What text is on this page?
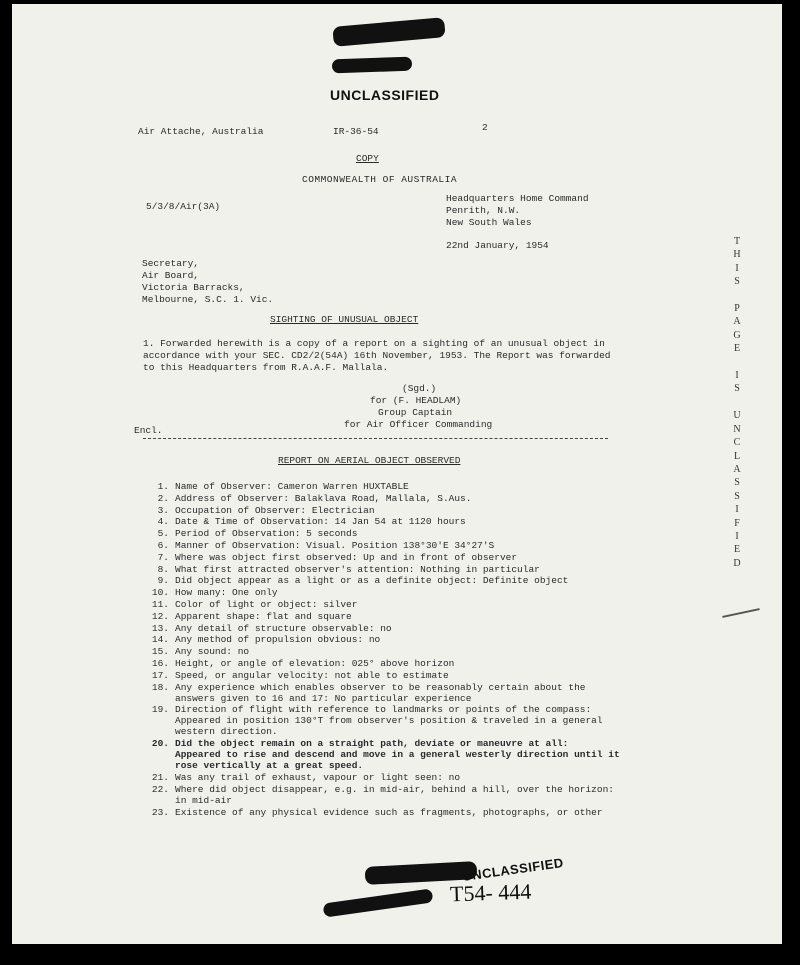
UNCLASSIFIED
Air Attache, Australia	IR-36-54	2
COPY
COMMONWEALTH OF AUSTRALIA
5/3/8/Air(3A)
Headquarters Home Command
Penrith, N.W.
New South Wales
22nd January, 1954
Secretary,
Air Board,
Victoria Barracks,
Melbourne, S.C. 1. Vic.
SIGHTING OF UNUSUAL OBJECT
1. Forwarded herewith is a copy of a report on a sighting of an unusual object in
accordance with your SEC. CD2/2(54A) 16th November, 1953. The Report was forwarded
to this Headquarters from R.A.A.F. Mallala.
(Sgd.)
for (F. HEADLAM)
Group Captain
for Air Officer Commanding
Encl.
REPORT ON AERIAL OBJECT OBSERVED
1. Name of Observer: Cameron Warren HUXTABLE
2. Address of Observer: Balaklava Road, Mallala, S.Aus.
3. Occupation of Observer: Electrician
4. Date & Time of Observation: 14 Jan 54 at 1120 hours
5. Period of Observation: 5 seconds
6. Manner of Observation: Visual. Position 138°30'E 34°27'S
7. Where was object first observed: Up and in front of observer
8. What first attracted observer's attention: Nothing in particular
9. Did object appear as a light or as a definite object: Definite object
10. How many: One only
11. Color of light or object: silver
12. Apparent shape: flat and square
13. Any detail of structure observable: no
14. Any method of propulsion obvious: no
15. Any sound: no
16. Height, or angle of elevation: 025° above horizon
17. Speed, or angular velocity: not able to estimate
18. Any experience which enables observer to be reasonably certain about the
answers given to 16 and 17: No particular experience
19. Direction of flight with reference to landmarks or points of the compass:
Appeared in position 130°T from observer's position & traveled in a general
western direction.
20. Did the object remain on a straight path, deviate or maneuvre at all:
Appeared to rise and descend and move in a general westerly direction until it
rose vertically at a great speed.
21. Was any trail of exhaust, vapour or light seen: no
22. Where did object disappear, e.g. in mid-air, behind a hill, over the horizon:
in mid-air
23. Existence of any physical evidence such as fragments, photographs, or other
T
H
I
S

P
A
G
E

I
S

U
N
C
L
A
S
S
I
F
I
E
D
UNCLASSIFIED
T54- 444
